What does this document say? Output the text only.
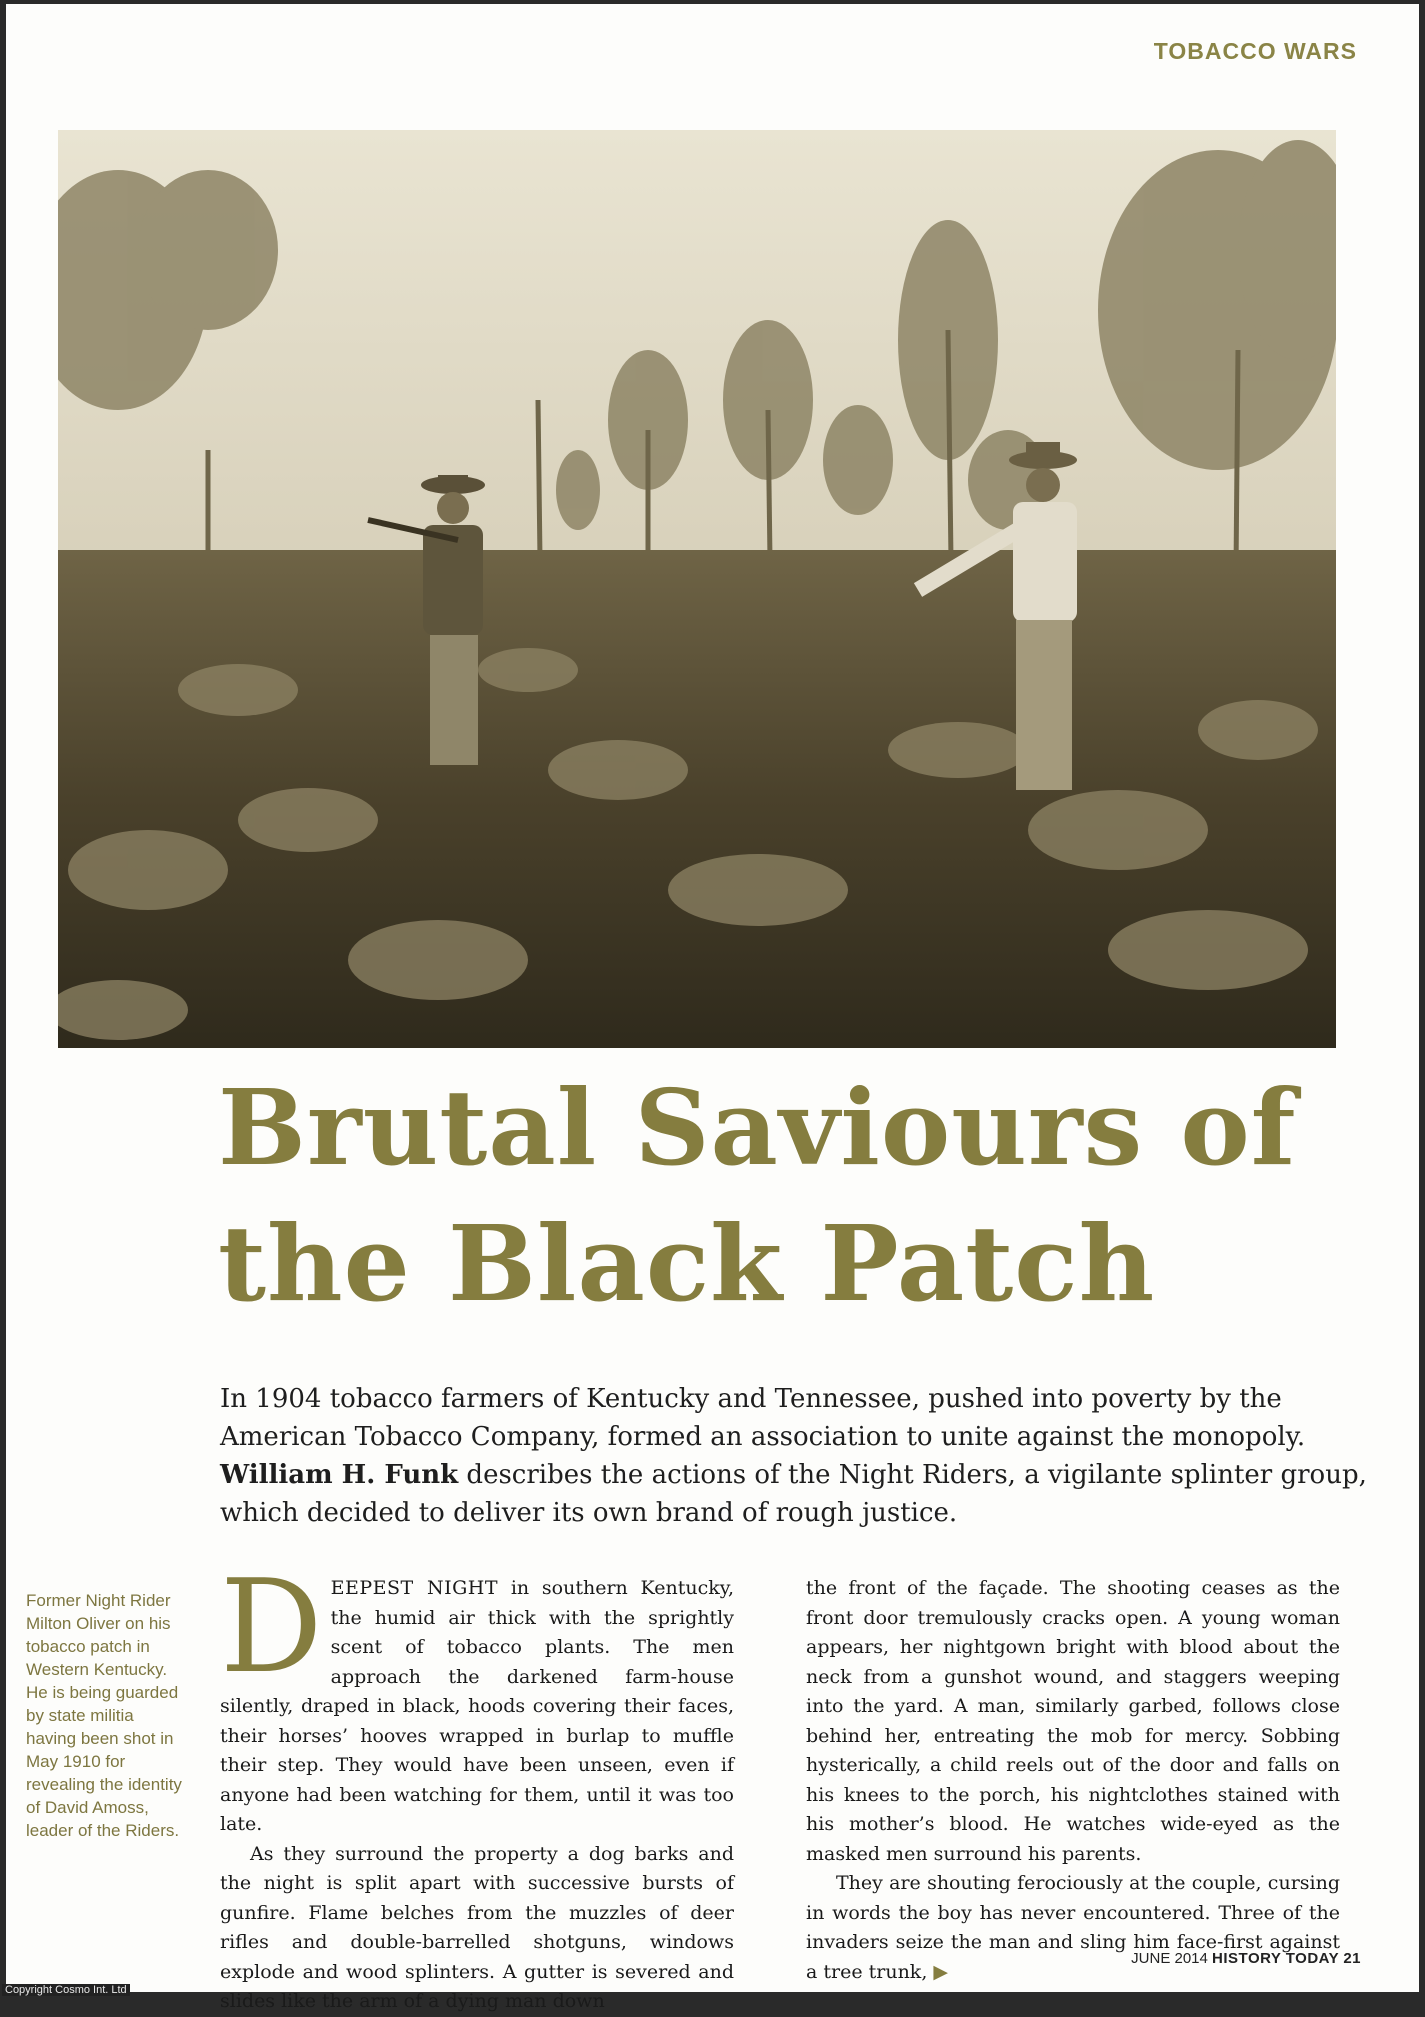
TOBACCO WARS
Brutal Saviours of
the Black Patch
In 1904 tobacco farmers of Kentucky and Tennessee, pushed into poverty by the American Tobacco Company, formed an association to unite against the monopoly. William H. Funk describes the actions of the Night Riders, a vigilante splinter group, which decided to deliver its own brand of rough justice.
Former Night Rider Milton Oliver on his tobacco patch in Western Kentucky. He is being guarded by state militia having been shot in May 1910 for revealing the identity of David Amoss, leader of the Riders.

DEEPEST NIGHT in southern Kentucky, the humid air thick with the sprightly scent of tobacco plants. The men approach the darkened farm-house silently, draped in black, hoods covering their faces, their horses’ hooves wrapped in burlap to muffle their step. They would have been unseen, even if anyone had been watching for them, until it was too late.

As they surround the property a dog barks and the night is split apart with successive bursts of gunfire. Flame belches from the muzzles of deer rifles and double-barrelled shotguns, windows explode and wood splinters. A gutter is severed and slides like the arm of a dying man down

the front of the façade. The shooting ceases as the front door tremulously cracks open. A young woman appears, her nightgown bright with blood about the neck from a gunshot wound, and staggers weeping into the yard. A man, similarly garbed, follows close behind her, entreating the mob for mercy. Sobbing hysterically, a child reels out of the door and falls on his knees to the porch, his nightclothes stained with his mother’s blood. He watches wide-eyed as the masked men surround his parents.

They are shouting ferociously at the couple, cursing in words the boy has never encountered. Three of the invaders seize the man and sling him face-first against a tree trunk, ▶

JUNE 2014 HISTORY TODAY 21
Copyright Cosmo Int. Ltd
